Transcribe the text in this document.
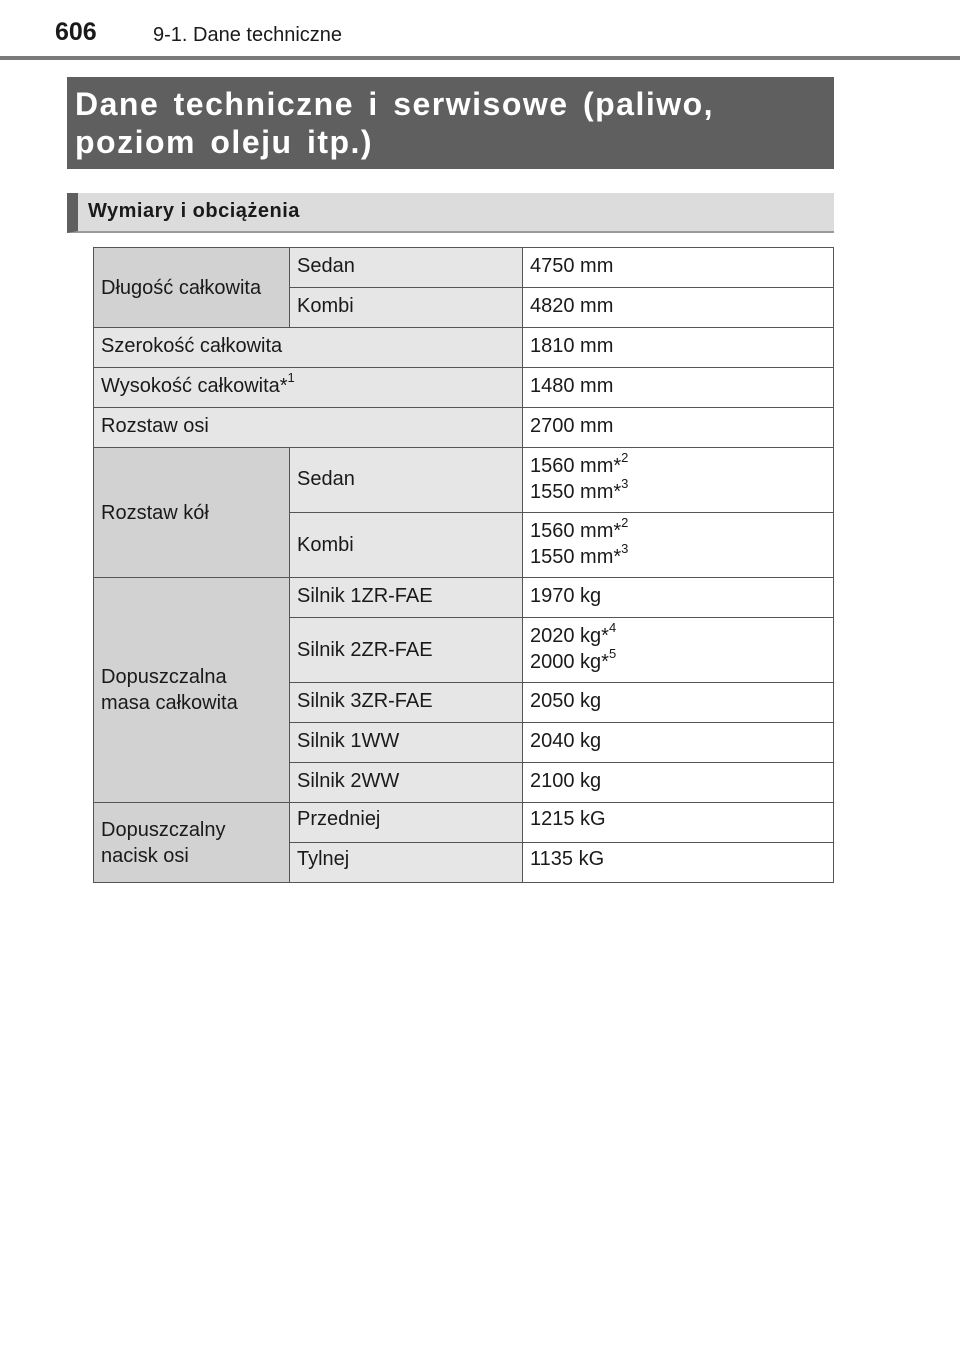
606	9-1. Dane techniczne
Dane techniczne i serwisowe (paliwo,
poziom oleju itp.)
Wymiary i obciążenia
Długość całkowita	Sedan	4750 mm

	Kombi	4820 mm

Szerokość całkowita		1810 mm

Wysokość całkowita*$^1$		1480 mm

Rozstaw osi		2700 mm

Rozstaw kół	Sedan	1560 mm*$^2$
1550 mm*$^3$

	Kombi	1560 mm*$^2$
1550 mm*$^3$

Dopuszczalna
masa całkowita	Silnik 1ZR-FAE	1970 kg

	Silnik 2ZR-FAE	2020 kg*$^4$
2000 kg*$^5$

	Silnik 3ZR-FAE	2050 kg

	Silnik 1WW	2040 kg

	Silnik 2WW	2100 kg

Dopuszczalny
nacisk osi	Przedniej	1215 kG

	Tylnej	1135 kG
